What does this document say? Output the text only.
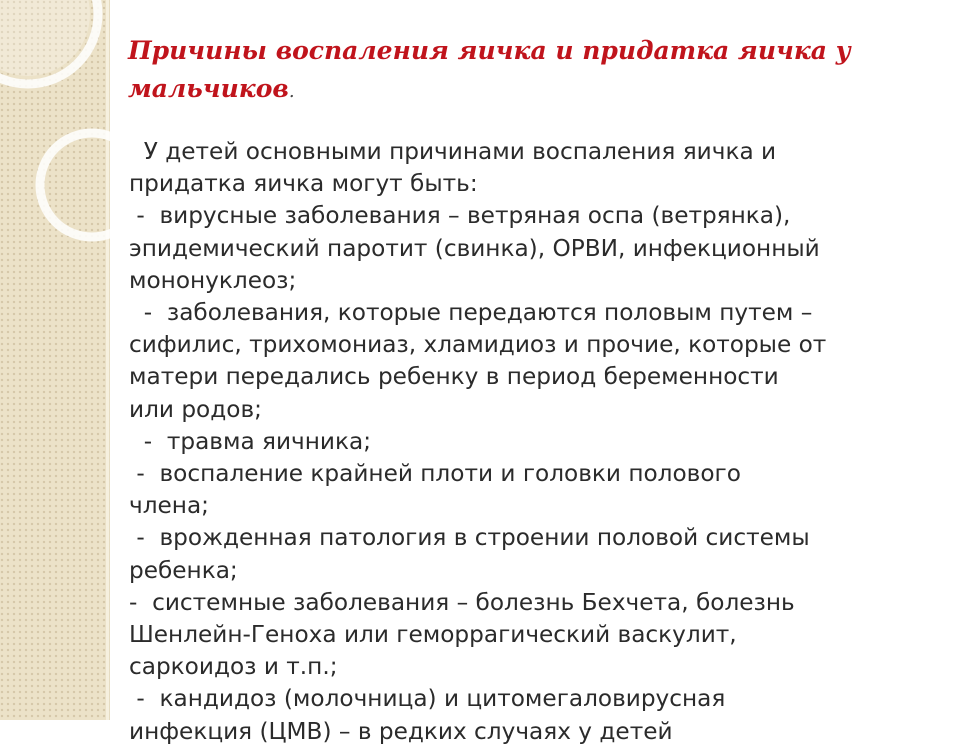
Причины воспаления яичка и придатка яичка у мальчиков.

У детей основными причинами воспаления яичка и

придатка яичка могут быть:

-  вирусные заболевания – ветряная оспа (ветрянка),

эпидемический паротит (свинка), ОРВИ, инфекционный

мононуклеоз;

-  заболевания, которые передаются половым путем –

сифилис, трихомониаз, хламидиоз и прочие, которые от

матери передались ребенку в период беременности

или родов;

-  травма яичника;

-  воспаление крайней плоти и головки полового

члена;

-  врожденная патология в строении половой системы

ребенка;

-  системные заболевания – болезнь Бехчета, болезнь

Шенлейн-Геноха или геморрагический васкулит,

саркоидоз и т.п.;

-  кандидоз (молочница) и цитомегаловирусная

инфекция (ЦМВ) – в редких случаях у детей
